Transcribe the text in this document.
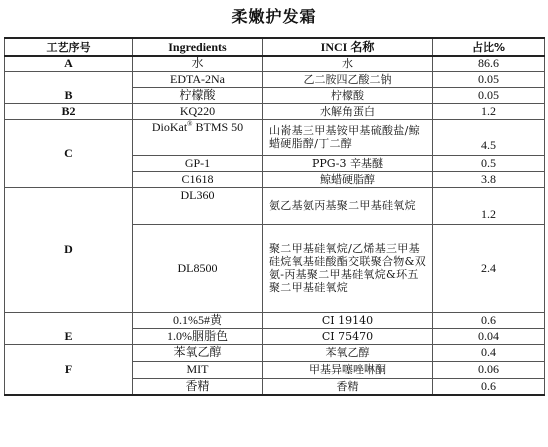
柔嫩护发霜
工艺序号	Ingredients	INCI 名称	占比%
A	水	水	86.6
B	EDTA-2Na	乙二胺四乙酸二钠	0.05
	柠檬酸	柠檬酸	0.05
B2	KQ220	水解角蛋白	1.2
C	DioKat® BTMS 50	山嵛基三甲基铵甲基硫酸盐/鲸蜡硬脂醇/丁二醇	4.5
	GP-1	PPG-3 辛基醚	0.5
	C1618	鲸蜡硬脂醇	3.8
D	DL360	氨乙基氨丙基聚二甲基硅氧烷	1.2
	DL8500	聚二甲基硅氧烷/乙烯基三甲基硅烷氧基硅酸酯交联聚合物&双氨-丙基聚二甲基硅氧烷&环五聚二甲基硅氧烷	2.4
E	0.1%5#黄	CI 19140	0.6
	1.0%胭脂色	CI 75470	0.04
F	苯氧乙醇	苯氧乙醇	0.4
	MIT	甲基异噻唑啉酮	0.06
	香精	香精	0.6
